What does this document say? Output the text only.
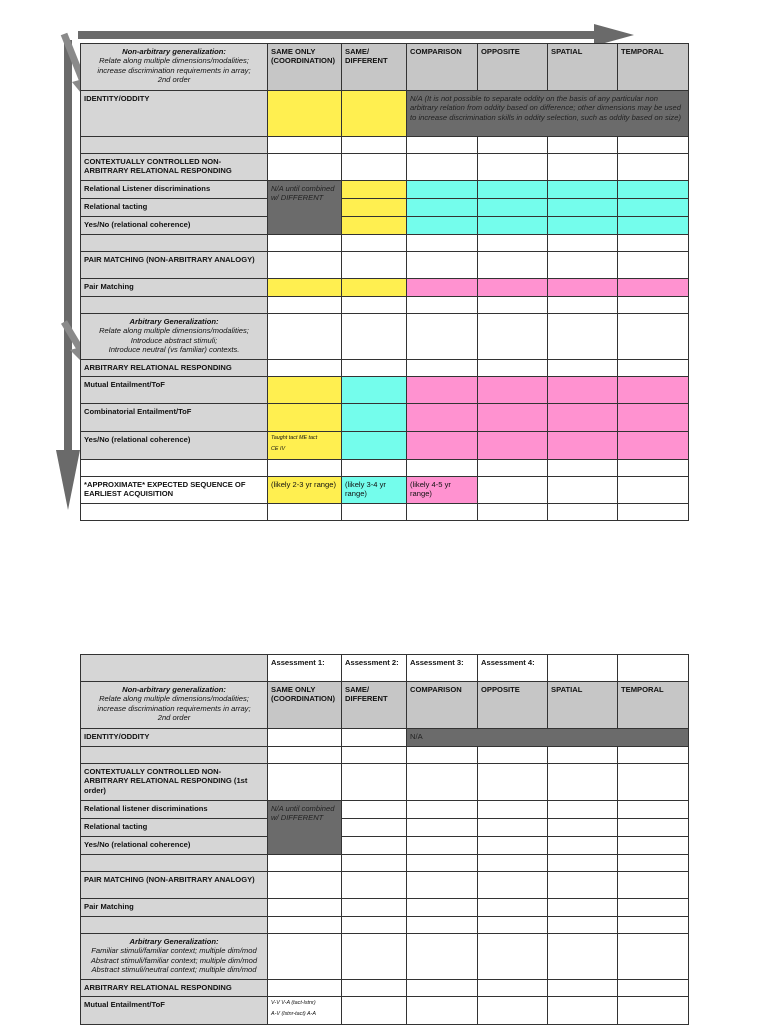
Non-arbitrary generalization:
Relate along multiple dimensions/modalities;
increase discrimination requirements in array;
2nd order	SAME ONLY (COORDINATION)	SAME/ DIFFERENT	COMPARISON	OPPOSITE	SPATIAL	TEMPORAL
IDENTITY/ODDITY			N/A (It is not possible to separate oddity on the basis of any particular non arbitrary relation from oddity based on difference; other dimensions may be used to increase discrimination skills in oddity selection, such as oddity based on size)			

CONTEXTUALLY CONTROLLED NON-ARBITRARY RELATIONAL RESPONDING						
Relational Listener discriminations	N/A until combined w/ DIFFERENT					
Relational tacting						
Yes/No (relational coherence)						

PAIR MATCHING (NON-ARBITRARY ANALOGY)						
Pair Matching						

Arbitrary Generalization:
Relate along multiple dimensions/modalities;
Introduce abstract stimuli;
Introduce neutral (vs familiar) contexts.						

ARBITRARY RELATIONAL RESPONDING						
Mutual Entailment/ToF						
Combinatorial Entailment/ToF						
Yes/No (relational coherence)	Taught tact ME tact
CE IV					

*APPROXIMATE* EXPECTED SEQUENCE OF EARLIEST ACQUISITION	(likely 2-3 yr range)	(likely 3-4 yr range)	(likely 4-5 yr range)			

	Assessment 1:	Assessment 2:	Assessment 3:	Assessment 4:		

Non-arbitrary generalization:
Relate along multiple dimensions/modalities;
increase discrimination requirements in array;
2nd order	SAME ONLY (COORDINATION)	SAME/ DIFFERENT	COMPARISON	OPPOSITE	SPATIAL	TEMPORAL
IDENTITY/ODDITY			N/A			

CONTEXTUALLY CONTROLLED NON-ARBITRARY RELATIONAL RESPONDING (1st order)						
Relational listener discriminations	N/A until combined w/ DIFFERENT					
Relational tacting						
Yes/No (relational coherence)						

PAIR MATCHING (NON-ARBITRARY ANALOGY)						
Pair Matching						

Arbitrary Generalization:
Familiar stimuli/familiar context; multiple dim/mod
Abstract stimuli/familiar context; multiple dim/mod
Abstract stimuli/neutral context; multiple dim/mod						

ARBITRARY RELATIONAL RESPONDING						
Mutual Entailment/ToF	V-V V-A (tact-lstnr)
A-V (lstnr-tact) A-A					
